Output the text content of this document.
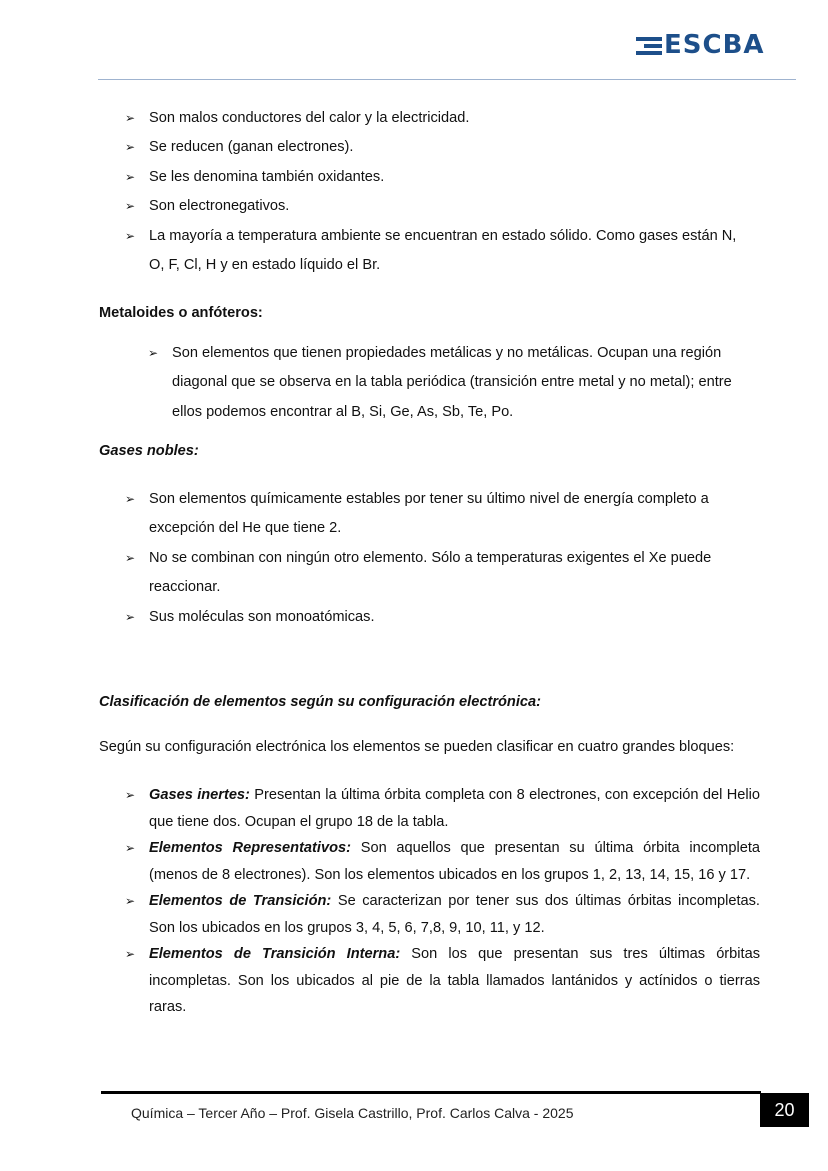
ESCBA
➢ Son malos conductores del calor y la electricidad.
➢ Se reducen (ganan electrones).
➢ Se les denomina también oxidantes.
➢ Son electronegativos.
➢ La mayoría a temperatura ambiente se encuentran en estado sólido. Como gases están N, O, F, Cl, H y en estado líquido el Br.
Metaloides o anfóteros:
➢ Son elementos que tienen propiedades metálicas y no metálicas. Ocupan una región diagonal que se observa en la tabla periódica (transición entre metal y no metal); entre ellos podemos encontrar al B, Si, Ge, As, Sb, Te, Po.
Gases nobles:
➢ Son elementos químicamente estables por tener su último nivel de energía completo a excepción del He que tiene 2.
➢ No se combinan con ningún otro elemento. Sólo a temperaturas exigentes el Xe puede reaccionar.
➢ Sus moléculas son monoatómicas.
Clasificación de elementos según su configuración electrónica:
Según su configuración electrónica los elementos se pueden clasificar en cuatro grandes bloques:
➢ Gases inertes: Presentan la última órbita completa con 8 electrones, con excepción del Helio que tiene dos. Ocupan el grupo 18 de la tabla.
➢ Elementos Representativos: Son aquellos que presentan su última órbita incompleta (menos de 8 electrones). Son los elementos ubicados en los grupos 1, 2, 13, 14, 15, 16 y 17.
➢ Elementos de Transición: Se caracterizan por tener sus dos últimas órbitas incompletas. Son los ubicados en los grupos 3, 4, 5, 6, 7,8, 9, 10, 11, y 12.
➢ Elementos de Transición Interna: Son los que presentan sus tres últimas órbitas incompletas. Son los ubicados al pie de la tabla llamados lantánidos y actínidos o tierras raras.
Química – Tercer Año – Prof. Gisela Castrillo, Prof. Carlos Calva - 2025	20
